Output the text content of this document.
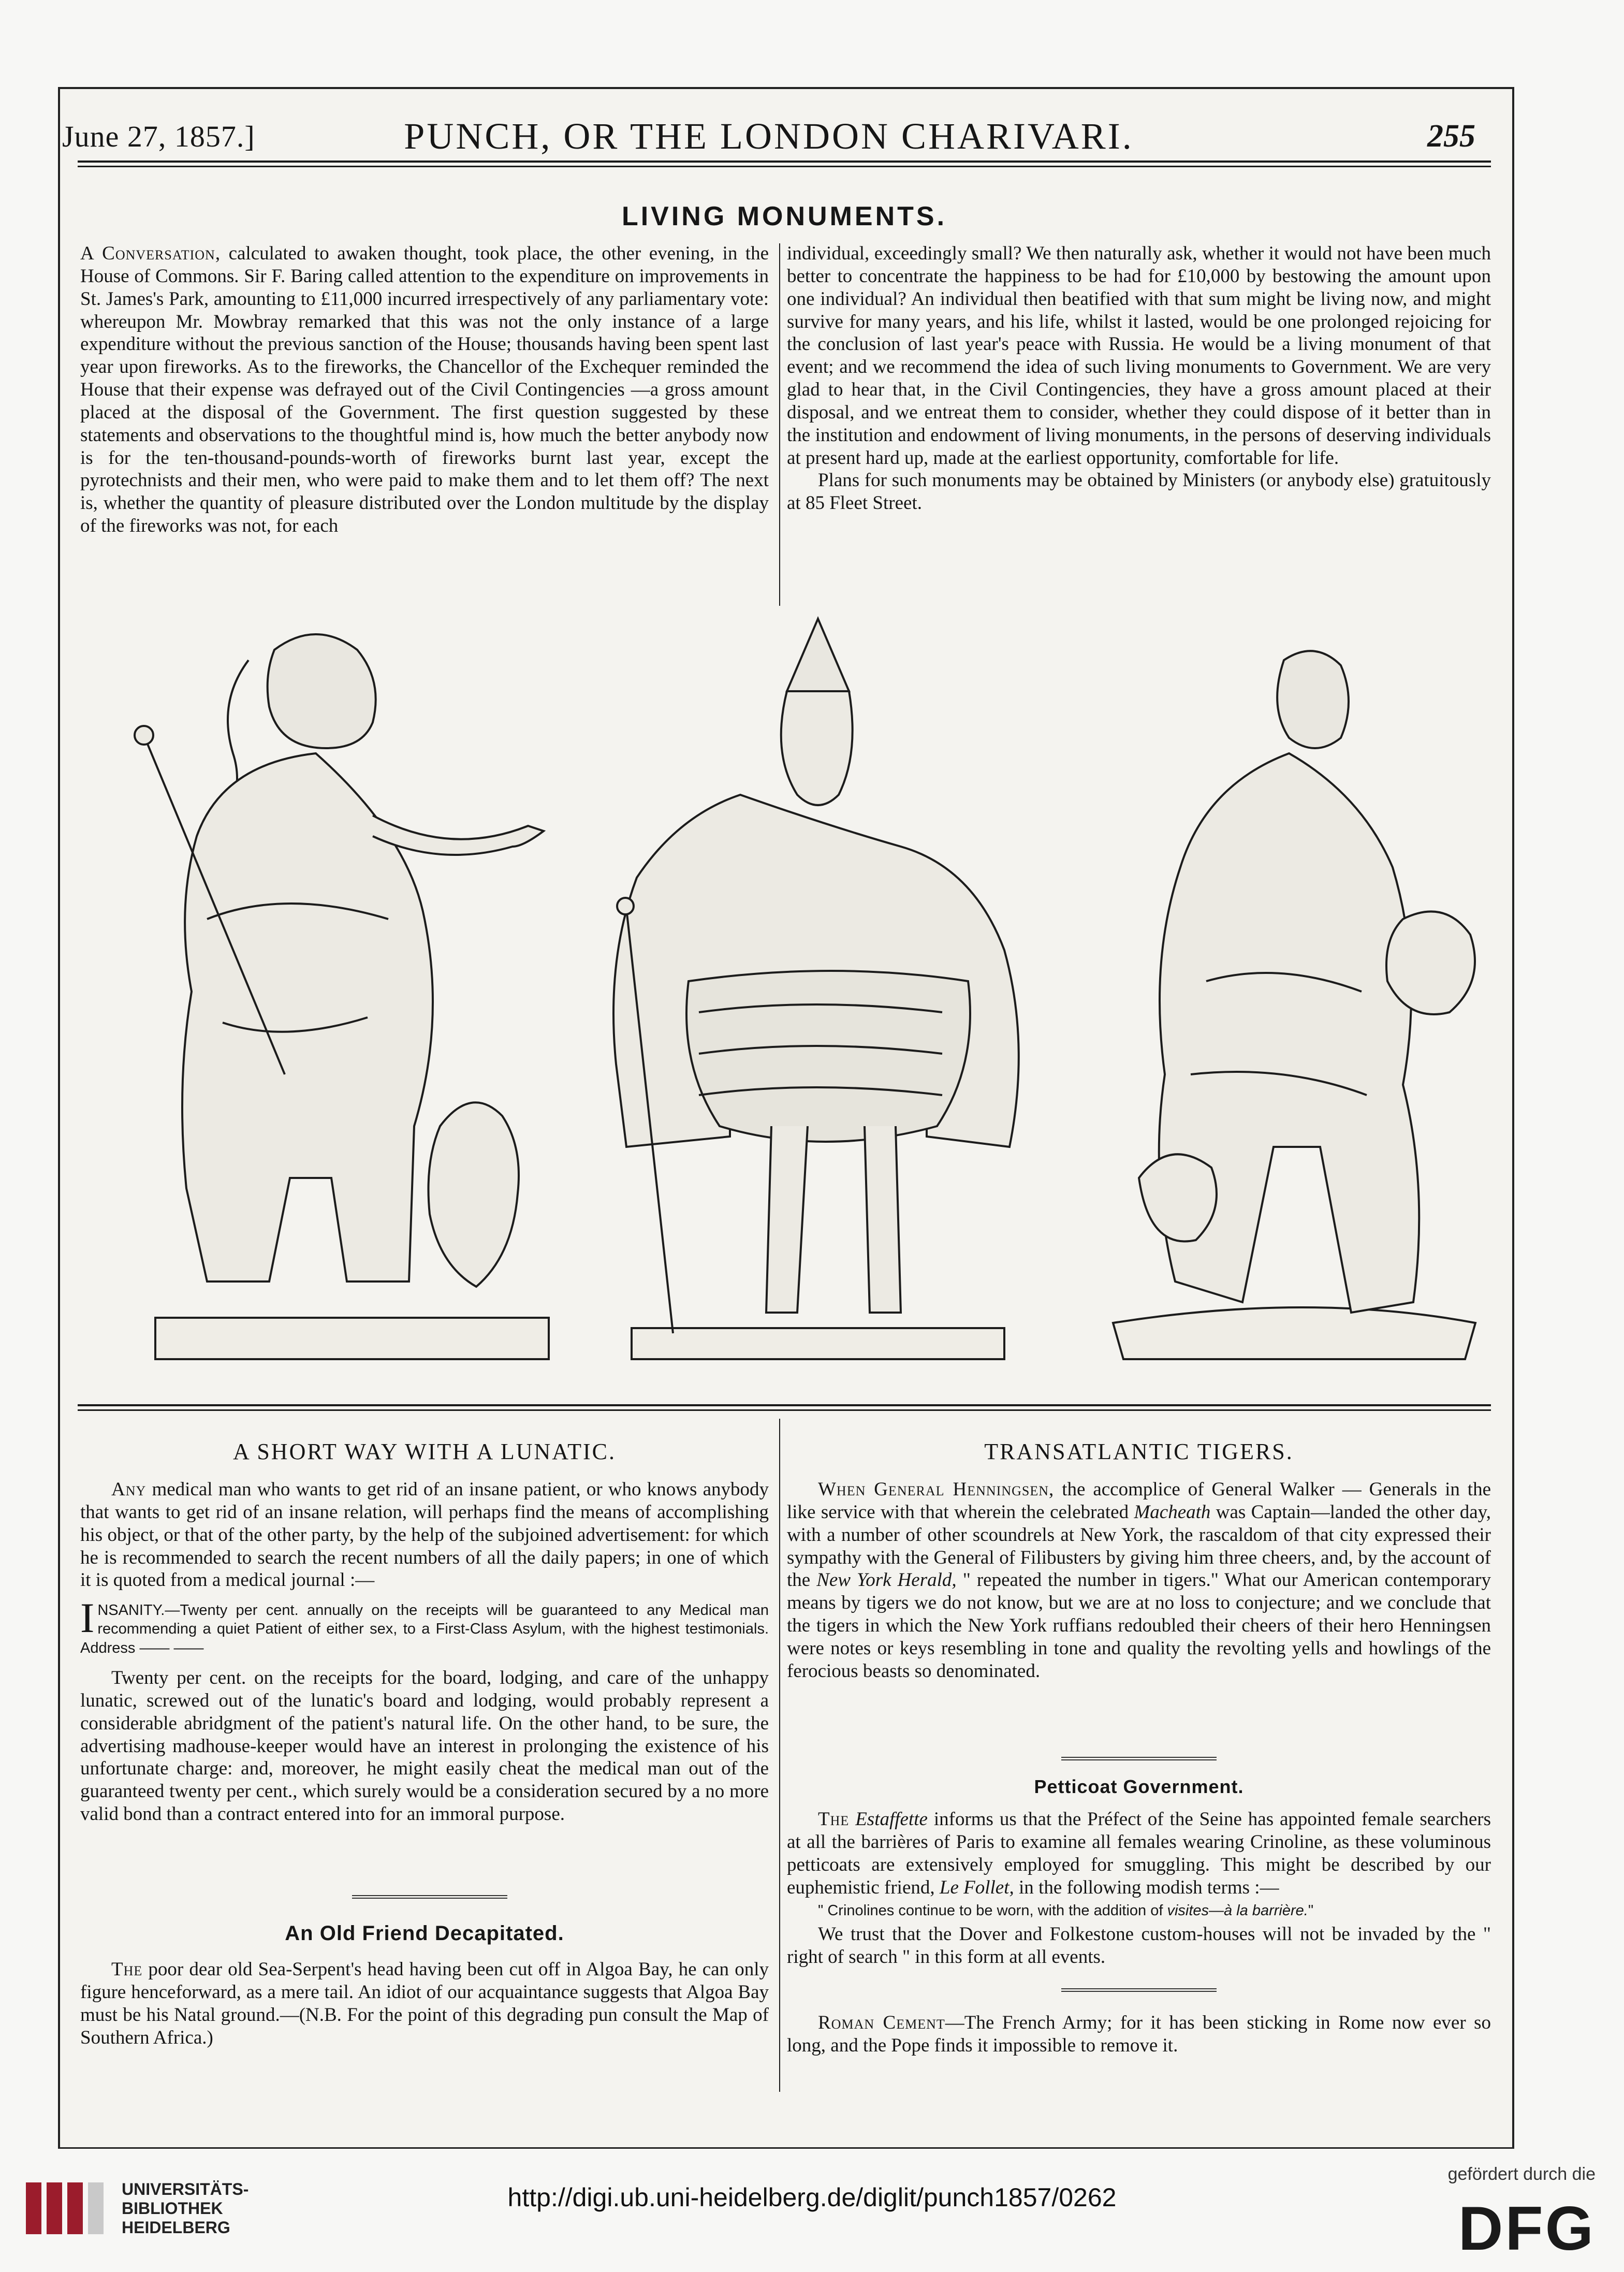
June 27, 1857.]	PUNCH, OR THE LONDON CHARIVARI.	255
LIVING MONUMENTS.

A Conversation, calculated to awaken thought, took place, the other evening, in the House of Commons. Sir F. Baring called attention to the expenditure on improvements in St. James's Park, amounting to £11,000 incurred irrespectively of any parliamentary vote: whereupon Mr. Mowbray remarked that this was not the only instance of a large expenditure without the previous sanction of the House; thousands having been spent last year upon fireworks. As to the fireworks, the Chancellor of the Exchequer reminded the House that their expense was defrayed out of the Civil Contingencies —a gross amount placed at the disposal of the Government. The first question suggested by these statements and observations to the thoughtful mind is, how much the better anybody now is for the ten-thousand-pounds-worth of fireworks burnt last year, except the pyrotechnists and their men, who were paid to make them and to let them off? The next is, whether the quantity of pleasure distributed over the London multitude by the display of the fireworks was not, for each

individual, exceedingly small? We then naturally ask, whether it would not have been much better to concentrate the happiness to be had for £10,000 by bestowing the amount upon one individual? An individual then beatified with that sum might be living now, and might survive for many years, and his life, whilst it lasted, would be one prolonged rejoicing for the conclusion of last year's peace with Russia. He would be a living monument of that event; and we recommend the idea of such living monuments to Government. We are very glad to hear that, in the Civil Contingencies, they have a gross amount placed at their disposal, and we entreat them to consider, whether they could dispose of it better than in the institution and endowment of living monuments, in the persons of deserving individuals at present hard up, made at the earliest opportunity, comfortable for life.

Plans for such monuments may be obtained by Ministers (or anybody else) gratuitously at 85 Fleet Street.

A SHORT WAY WITH A LUNATIC.

Any medical man who wants to get rid of an insane patient, or who knows anybody that wants to get rid of an insane relation, will perhaps find the means of accomplishing his object, or that of the other party, by the help of the subjoined advertisement: for which he is recommended to search the recent numbers of all the daily papers; in one of which it is quoted from a medical journal :—

INSANITY.—Twenty per cent. annually on the receipts will be guaranteed to any Medical man recommending a quiet Patient of either sex, to a First-Class Asylum, with the highest testimonials. Address —— ——

Twenty per cent. on the receipts for the board, lodging, and care of the unhappy lunatic, screwed out of the lunatic's board and lodging, would probably represent a considerable abridgment of the patient's natural life. On the other hand, to be sure, the advertising madhouse-keeper would have an interest in prolonging the existence of his unfortunate charge: and, moreover, he might easily cheat the medical man out of the guaranteed twenty per cent., which surely would be a consideration secured by a no more valid bond than a contract entered into for an immoral purpose.

An Old Friend Decapitated.

The poor dear old Sea-Serpent's head having been cut off in Algoa Bay, he can only figure henceforward, as a mere tail. An idiot of our acquaintance suggests that Algoa Bay must be his Natal ground.—(N.B. For the point of this degrading pun consult the Map of Southern Africa.)

TRANSATLANTIC TIGERS.

When General Henningsen, the accomplice of General Walker — Generals in the like service with that wherein the celebrated Macheath was Captain—landed the other day, with a number of other scoundrels at New York, the rascaldom of that city expressed their sympathy with the General of Filibusters by giving him three cheers, and, by the account of the New York Herald, " repeated the number in tigers." What our American contemporary means by tigers we do not know, but we are at no loss to conjecture; and we conclude that the tigers in which the New York ruffians redoubled their cheers of their hero Henningsen were notes or keys resembling in tone and quality the revolting yells and howlings of the ferocious beasts so denominated.

Petticoat Government.

The Estaffette informs us that the Préfect of the Seine has appointed female searchers at all the barrières of Paris to examine all females wearing Crinoline, as these voluminous petticoats are extensively employed for smuggling. This might be described by our euphemistic friend, Le Follet, in the following modish terms :—

" Crinolines continue to be worn, with the addition of visites—à la barrière."

We trust that the Dover and Folkestone custom-houses will not be invaded by the " right of search " in this form at all events.

Roman Cement—The French Army; for it has been sticking in Rome now ever so long, and the Pope finds it impossible to remove it.

UNIVERSITÄTS-
BIBLIOTHEK
HEIDELBERG
http://digi.ub.uni-heidelberg.de/diglit/punch1857/0262
gefördert durch die
DFG
